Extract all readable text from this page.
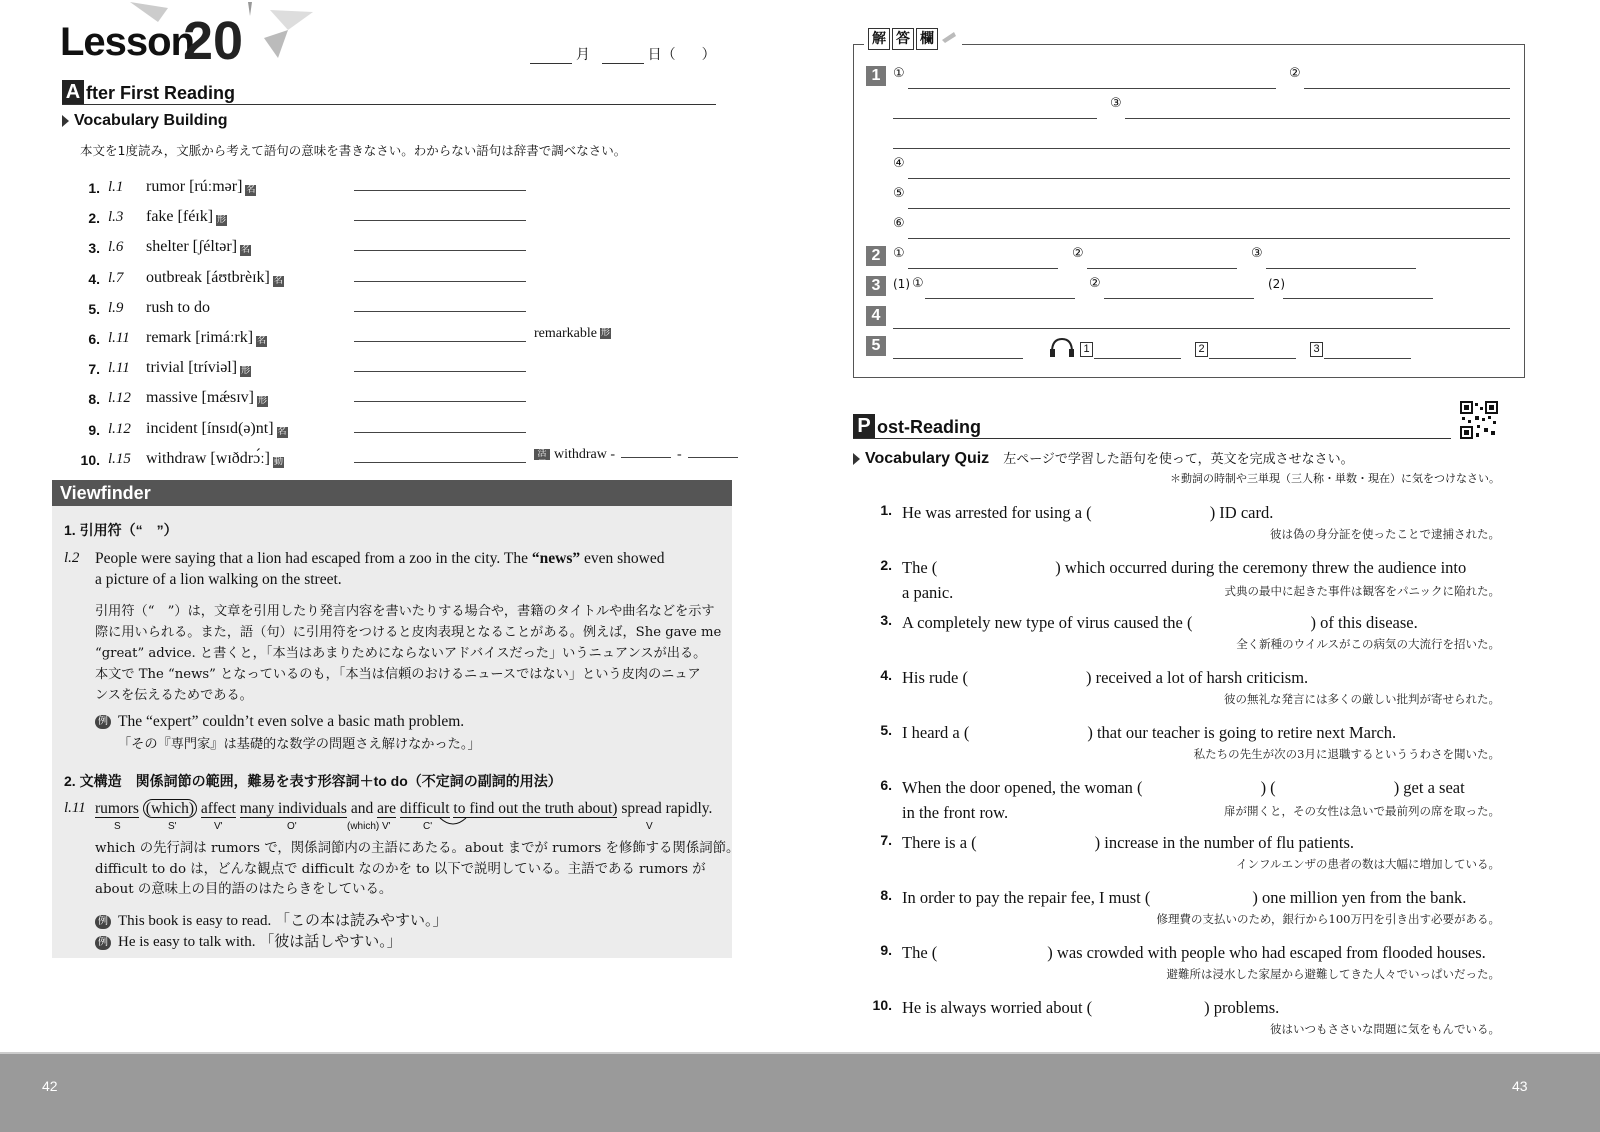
Lesson
20	月	日（ ）
A fter First Reading
Vocabulary Building
本文を1度読み，文脈から考えて語句の意味を書きなさい。わからない語句は辞書で調べなさい。
1. l.1	rumor [rúːmər] 名
2. l.3	fake [féɪk] 形
3. l.6	shelter [ʃéltər] 名
4. l.7	outbreak [áʊtbrèɪk] 名
5. l.9	rush to do
6. l.11	remark [rimáːrk] 名	remarkable 形
7. l.11	trivial [tríviəl] 形
8. l.12 massive [mǽsɪv] 形
9. l.12 incident [ínsɪd(ə)nt] 名
10. l.15 withdraw [wɪðdrɔ́ː] 動
活用withdraw -	-
Viewfinder
1. 引用符（“　”）
l.2 People were saying that a lion had escaped from a zoo in the city. The “news” even showed
a picture of a lion walking on the street.
引用符（“　”）は，文章を引用したり発言内容を書いたりする場合や，書籍のタイトルや曲名などを示す
際に用いられる。また，語（句）に引用符をつけると皮肉表現となることがある。例えば，She gave me
“great” advice. と書くと，「本当はあまりためにならないアドバイスだった」いうニュアンスが出る。
本文で The “news” となっているのも，「本当は信頼のおけるニュースではない」という皮肉のニュア
ンスを伝えるためである。
例 The “expert” couldn’t even solve a basic math problem.
「その『専門家』は基礎的な数学の問題さえ解けなかった。」
2. 文構造　関係詞節の範囲，難易を表す形容詞＋to do（不定詞の副詞的用法）
l.11 rumors (which) affect many individuals and are difficult to find out the truth about) spread rapidly.
S	S'	V'	O'	(which) V'	C'	V
which の先行詞は rumors で，関係詞節内の主語にあたる。about までが rumors を修飾する関係詞節。
difficult to do は，どんな観点で difficult なのかを to 以下で説明している。主語である rumors が
about の意味上の目的語のはたらきをしている。
例 This book is easy to read. 「この本は読みやすい。」
例 He is easy to talk with. 「彼は話しやすい。」
解 答 欄
1 ①	②
③
④
⑤
⑥
2 ①	②	③
3	(1) ①	②	(2)
4
5	1	2	3
P ost-Reading
Vocabulary Quiz 左ページで学習した語句を使って，英文を完成させなさい。
＊動詞の時制や三単現（三人称・単数・現在）に気をつけなさい。
1. He was arrested for using a (	) ID card.
彼は偽の身分証を使ったことで逮捕された。
2. The (	) which occurred during the ceremony threw the audience into
a panic.	式典の最中に起きた事件は観客をパニックに陥れた。
3. A completely new type of virus caused the (	) of this disease.
全く新種のウイルスがこの病気の大流行を招いた。
4. His rude (	) received a lot of harsh criticism.
彼の無礼な発言には多くの厳しい批判が寄せられた。
5. I heard a (	) that our teacher is going to retire next March.
私たちの先生が次の3月に退職するといううわさを聞いた。
6. When the door opened, the woman (	) (	) get a seat
in the front row.	扉が開くと，その女性は急いで最前列の席を取った。
7. There is a (	) increase in the number of flu patients.
インフルエンザの患者の数は大幅に増加している。
8. In order to pay the repair fee, I must (	) one million yen from the bank.
修理費の支払いのため，銀行から100万円を引き出す必要がある。
9. The (	) was crowded with people who had escaped from flooded houses.
避難所は浸水した家屋から避難してきた人々でいっぱいだった。
10. He is always worried about (	) problems.
彼はいつもささいな問題に気をもんでいる。
42	43
